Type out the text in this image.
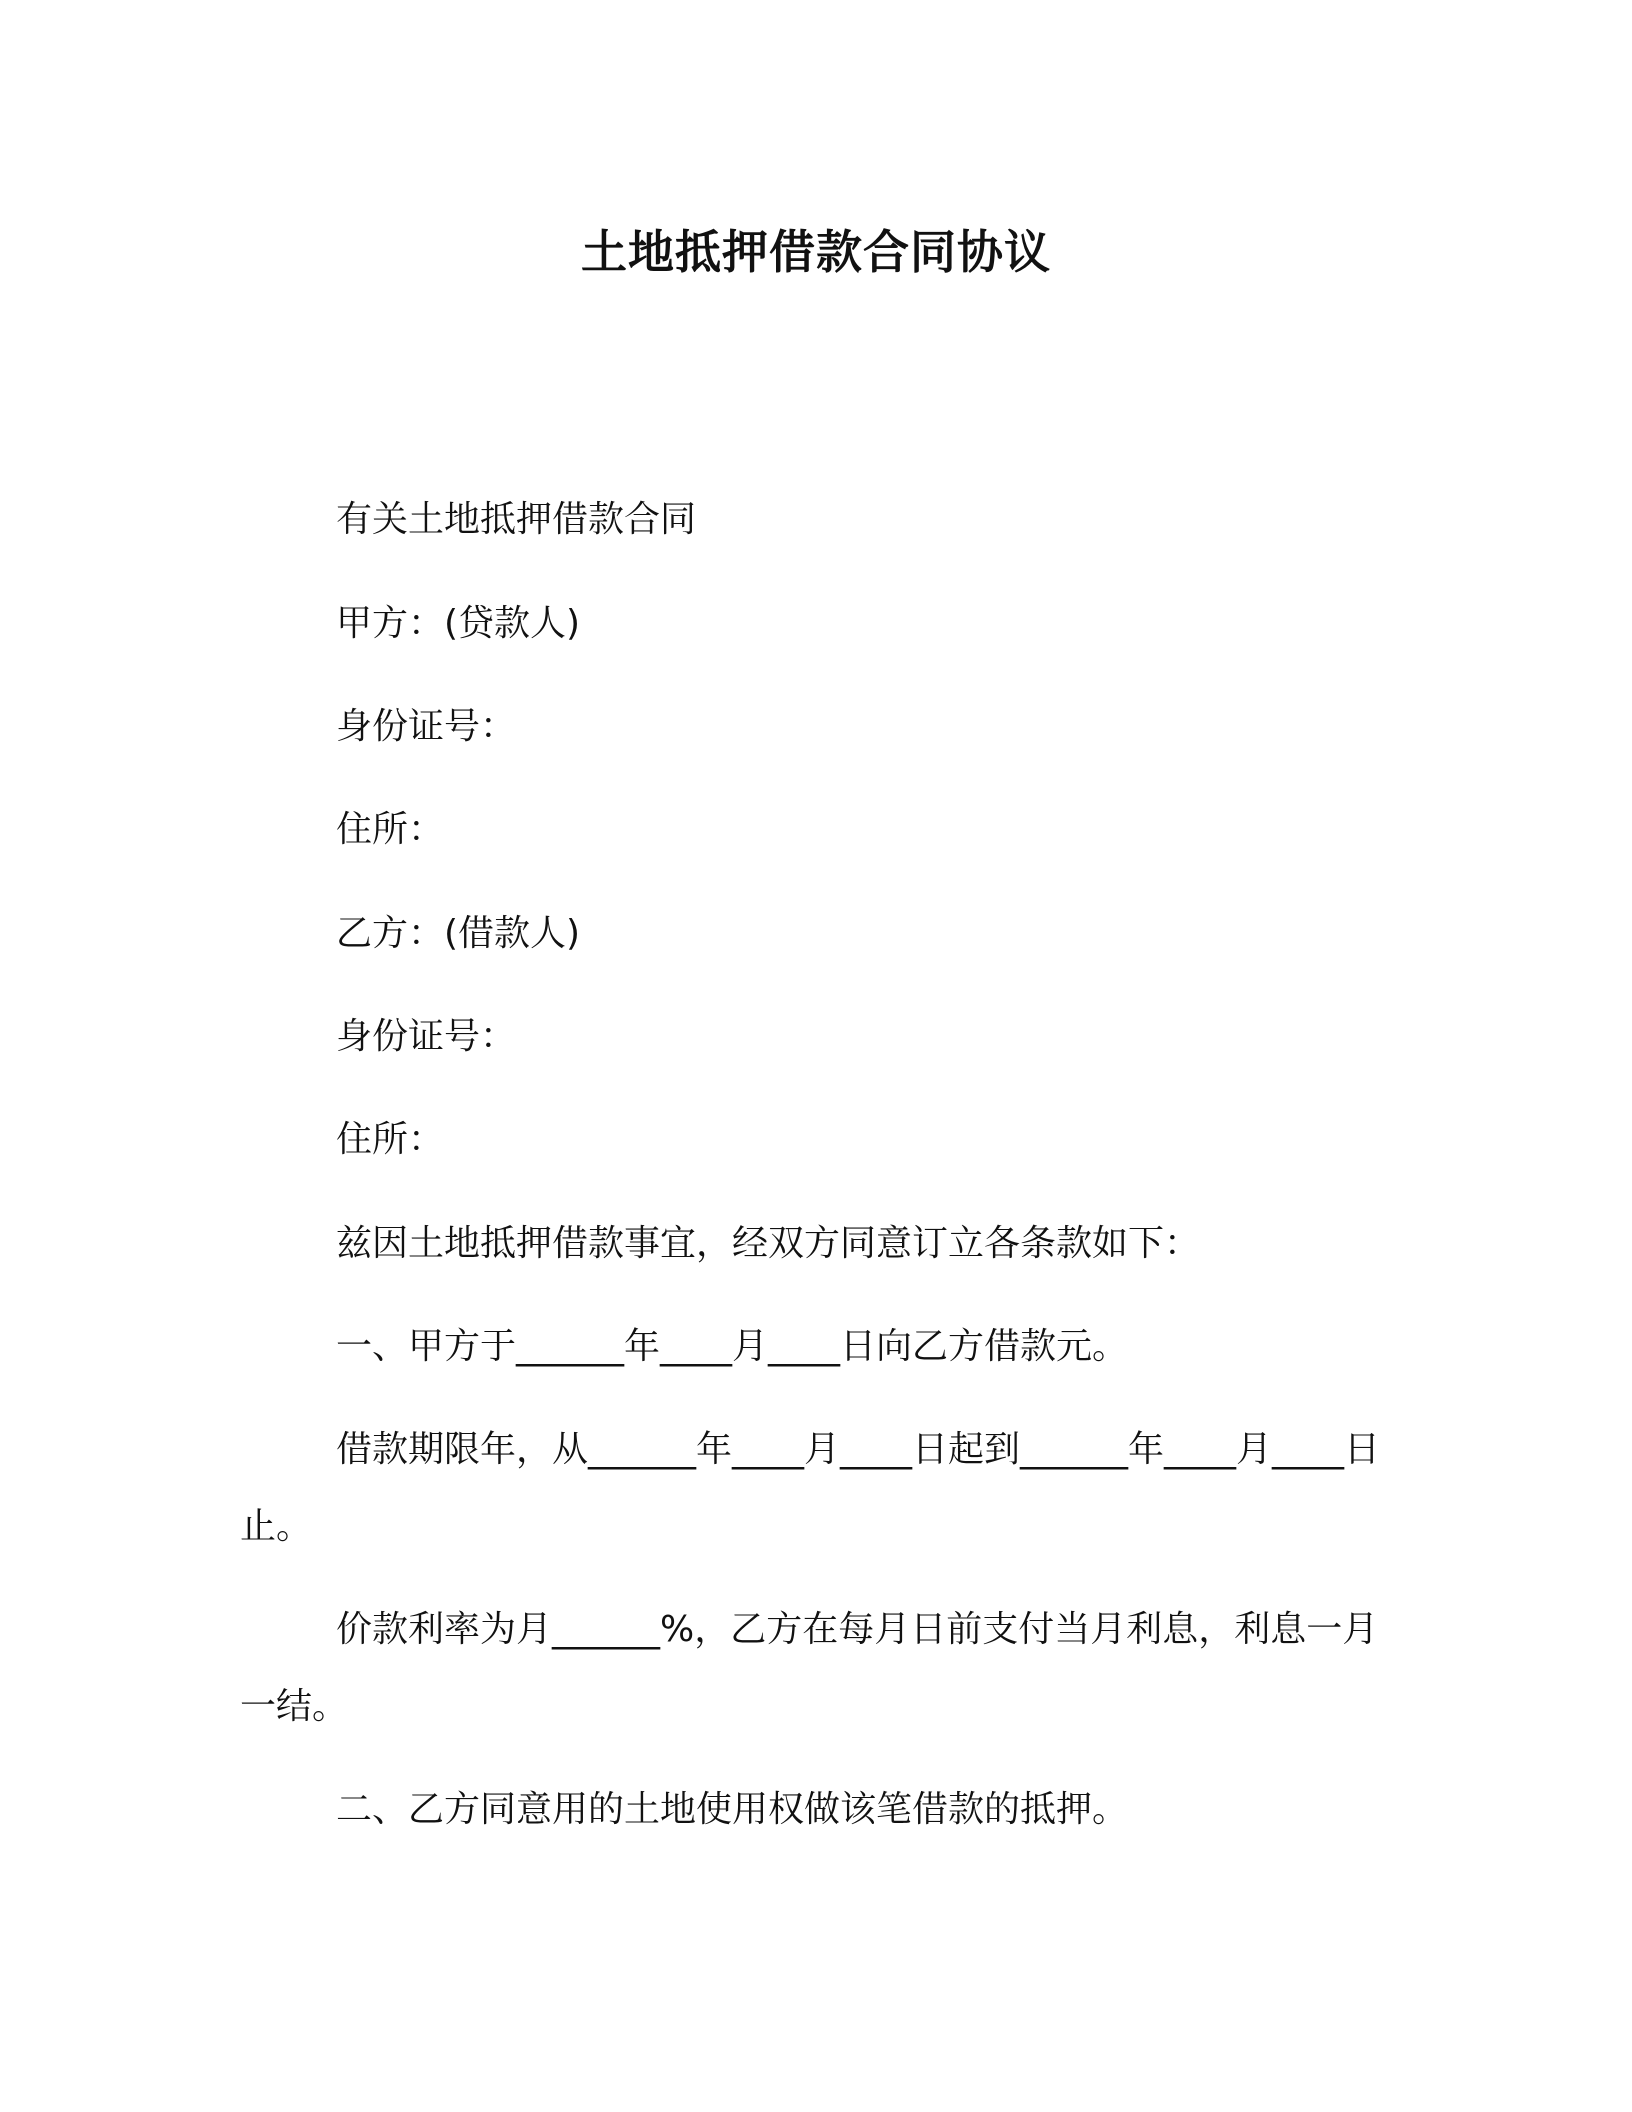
土地抵押借款合同协议

有关土地抵押借款合同

甲方：(贷款人)

身份证号：

住所：

乙方：(借款人)

身份证号：

住所：

兹因土地抵押借款事宜，经双方同意订立各条款如下：

一、甲方于______年____月____日向乙方借款元。

借款期限年，从______年____月____日起到______年____月____日止。

价款利率为月______%，乙方在每月日前支付当月利息，利息一月一结。

二、乙方同意用的土地使用权做该笔借款的抵押。
